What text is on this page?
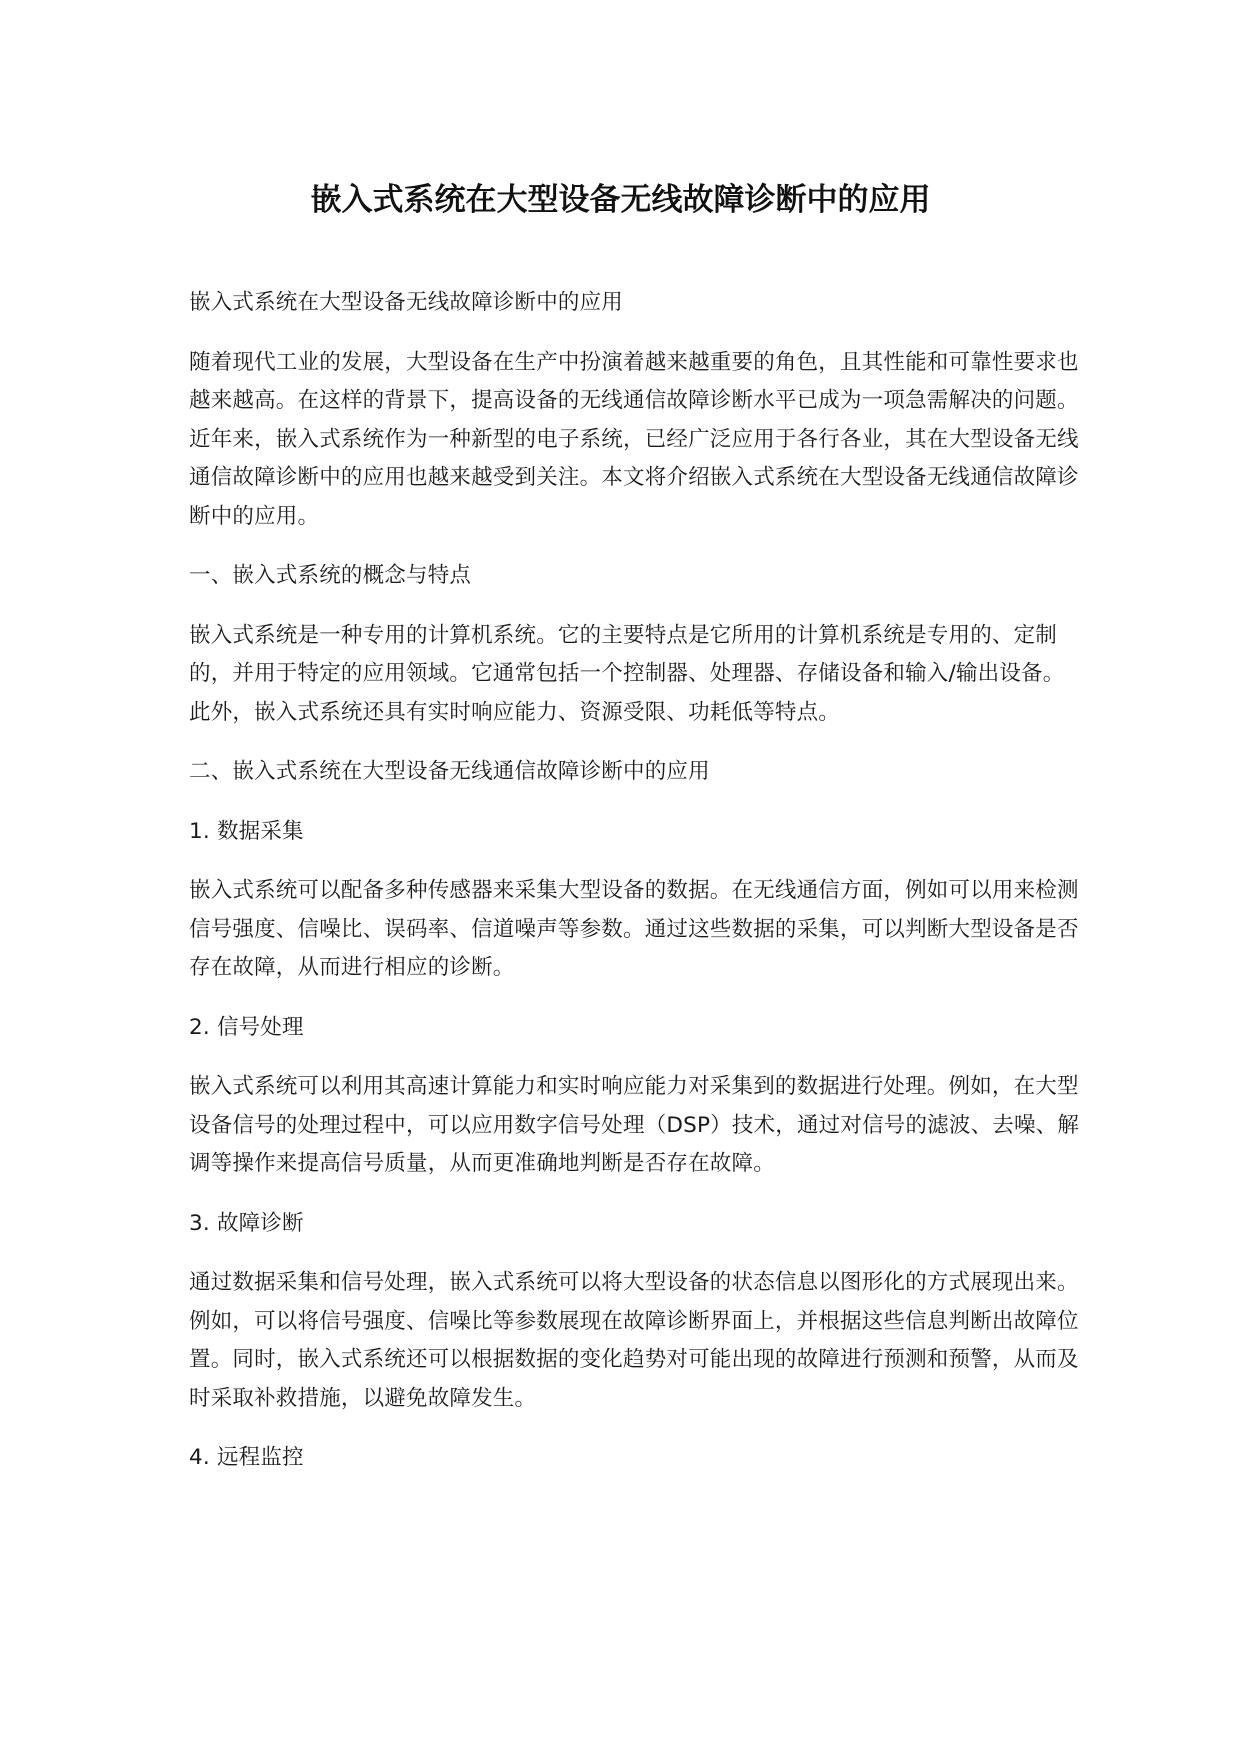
嵌入式系统在大型设备无线故障诊断中的应用

嵌入式系统在大型设备无线故障诊断中的应用

随着现代工业的发展，大型设备在生产中扮演着越来越重要的角色，且其性能和可靠性要求也越来越高。在这样的背景下，提高设备的无线通信故障诊断水平已成为一项急需解决的问题。近年来，嵌入式系统作为一种新型的电子系统，已经广泛应用于各行各业，其在大型设备无线通信故障诊断中的应用也越来越受到关注。本文将介绍嵌入式系统在大型设备无线通信故障诊断中的应用。

一、嵌入式系统的概念与特点

嵌入式系统是一种专用的计算机系统。它的主要特点是它所用的计算机系统是专用的、定制的，并用于特定的应用领域。它通常包括一个控制器、处理器、存储设备和输入/输出设备。此外，嵌入式系统还具有实时响应能力、资源受限、功耗低等特点。

二、嵌入式系统在大型设备无线通信故障诊断中的应用

1. 数据采集

嵌入式系统可以配备多种传感器来采集大型设备的数据。在无线通信方面，例如可以用来检测信号强度、信噪比、误码率、信道噪声等参数。通过这些数据的采集，可以判断大型设备是否存在故障，从而进行相应的诊断。

2. 信号处理

嵌入式系统可以利用其高速计算能力和实时响应能力对采集到的数据进行处理。例如，在大型设备信号的处理过程中，可以应用数字信号处理（DSP）技术，通过对信号的滤波、去噪、解调等操作来提高信号质量，从而更准确地判断是否存在故障。

3. 故障诊断

通过数据采集和信号处理，嵌入式系统可以将大型设备的状态信息以图形化的方式展现出来。例如，可以将信号强度、信噪比等参数展现在故障诊断界面上，并根据这些信息判断出故障位置。同时，嵌入式系统还可以根据数据的变化趋势对可能出现的故障进行预测和预警，从而及时采取补救措施，以避免故障发生。

4. 远程监控
